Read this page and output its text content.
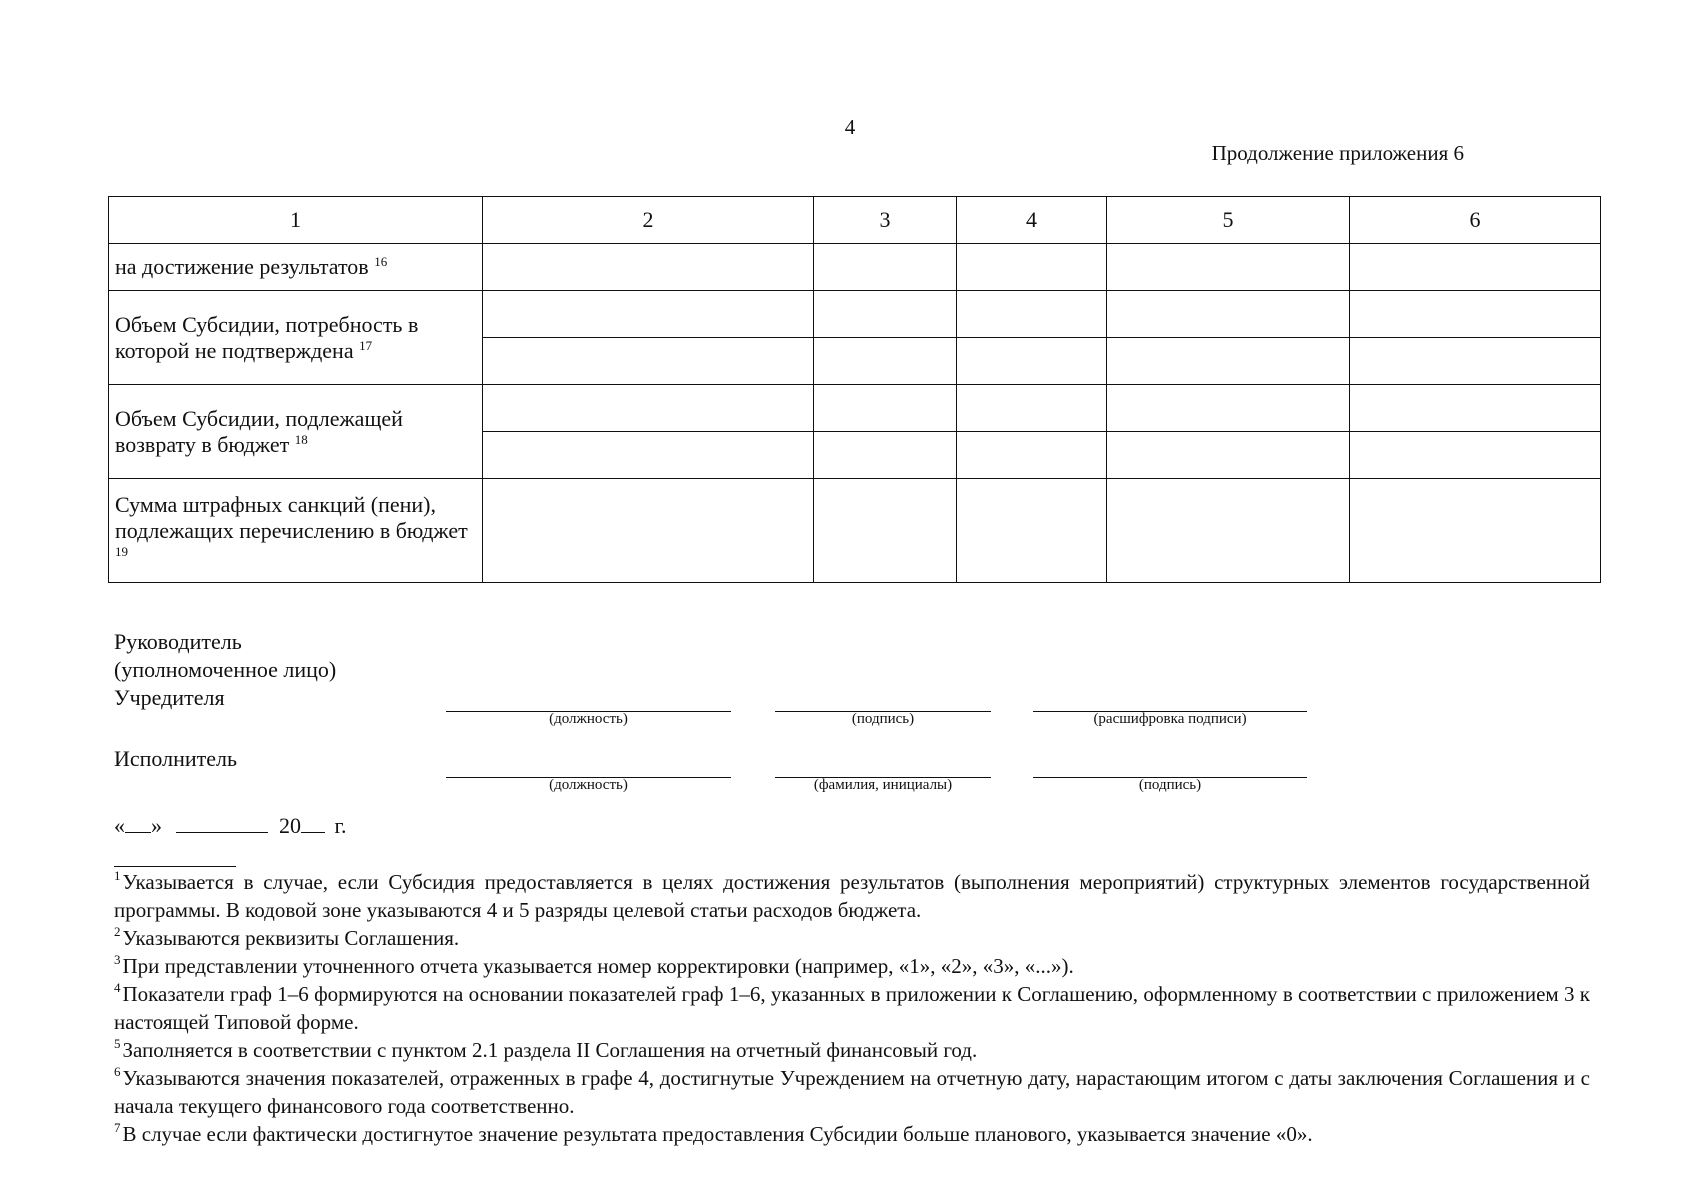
4
Продолжение приложения 6
1	2	3	4	5	6
на достижение результатов $^{16}$					
Объем Субсидии, потребность в которой не подтверждена $^{17}$					

Объем Субсидии, подлежащей возврату в бюджет $^{18}$					

Сумма штрафных санкций (пени), подлежащих перечислению в бюджет $^{19}$					
Руководитель
(уполномоченное лицо)
Учредителя
(должность)	(подпись)	(расшифровка подписи)
Исполнитель
(должность)	(фамилия, инициалы)	(подпись)
« »	20 г.
$^1$Указывается в случае, если Субсидия предоставляется в целях достижения результатов (выполнения мероприятий) структурных элементов государственной программы. В кодовой зоне указываются 4 и 5 разряды целевой статьи расходов бюджета.
$^2$Указываются реквизиты Соглашения.
$^3$При представлении уточненного отчета указывается номер корректировки (например, «1», «2», «3», «...»).
$^4$Показатели граф 1–6 формируются на основании показателей граф 1–6, указанных в приложении к Соглашению, оформленному в соответствии с приложением 3 к настоящей Типовой форме.
$^5$Заполняется в соответствии с пунктом 2.1 раздела II Соглашения на отчетный финансовый год.
$^6$Указываются значения показателей, отраженных в графе 4, достигнутые Учреждением на отчетную дату, нарастающим итогом с даты заключения Соглашения и с начала текущего финансового года соответственно.
$^7$В случае если фактически достигнутое значение результата предоставления Субсидии больше планового, указывается значение «0».
